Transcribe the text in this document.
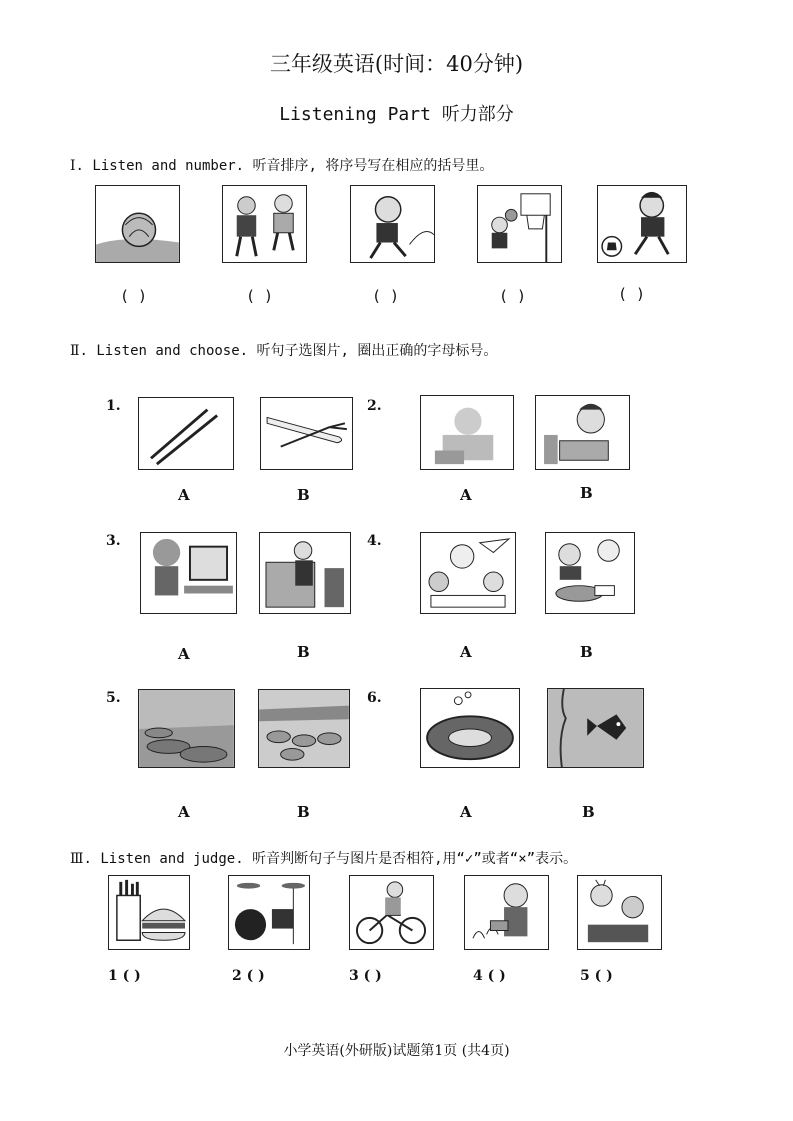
三年级英语(时间：40分钟)
Listening Part 听力部分
Ⅰ. Listen and number. 听音排序, 将序号写在相应的括号里。
( )	( )	( )	( )	( )
Ⅱ. Listen and choose. 听句子选图片, 圈出正确的字母标号。
1.
A	B
2.
A	B
3.
A	B
4.
A	B
5.
A	B
6.
A	B
Ⅲ. Listen and judge. 听音判断句子与图片是否相符,用“✓”或者“×”表示。
1 ( )	2 ( )	3 ( )	4 ( )	5 ( )
小学英语(外研版)试题第1页 (共4页)
